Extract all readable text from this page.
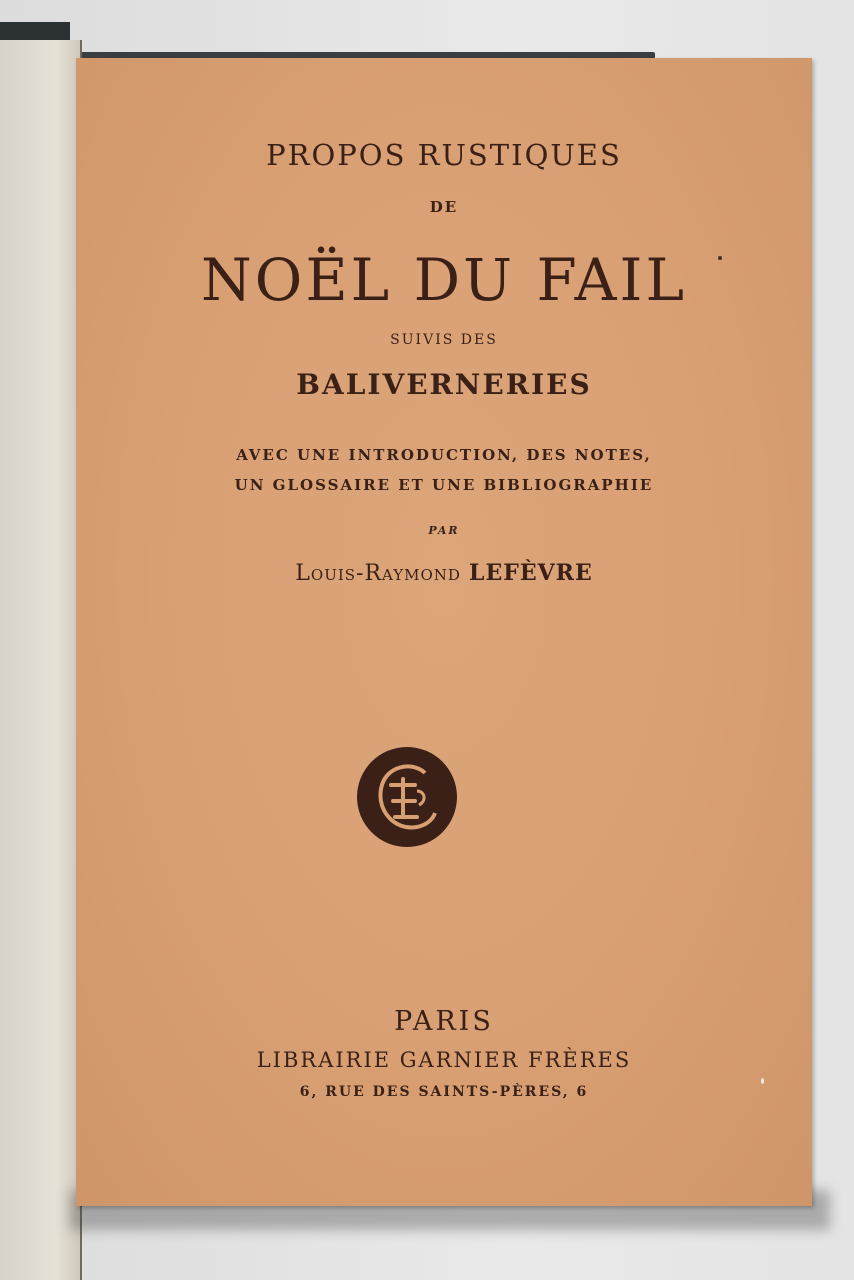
PROPOS RUSTIQUES
DE
NOËL DU FAIL
SUIVIS DES
BALIVERNERIES
AVEC UNE INTRODUCTION, DES NOTES,
UN GLOSSAIRE ET UNE BIBLIOGRAPHIE
PAR
Louis-Raymond LEFÈVRE
PARIS
LIBRAIRIE GARNIER FRÈRES
6, RUE DES SAINTS-PÈRES, 6
